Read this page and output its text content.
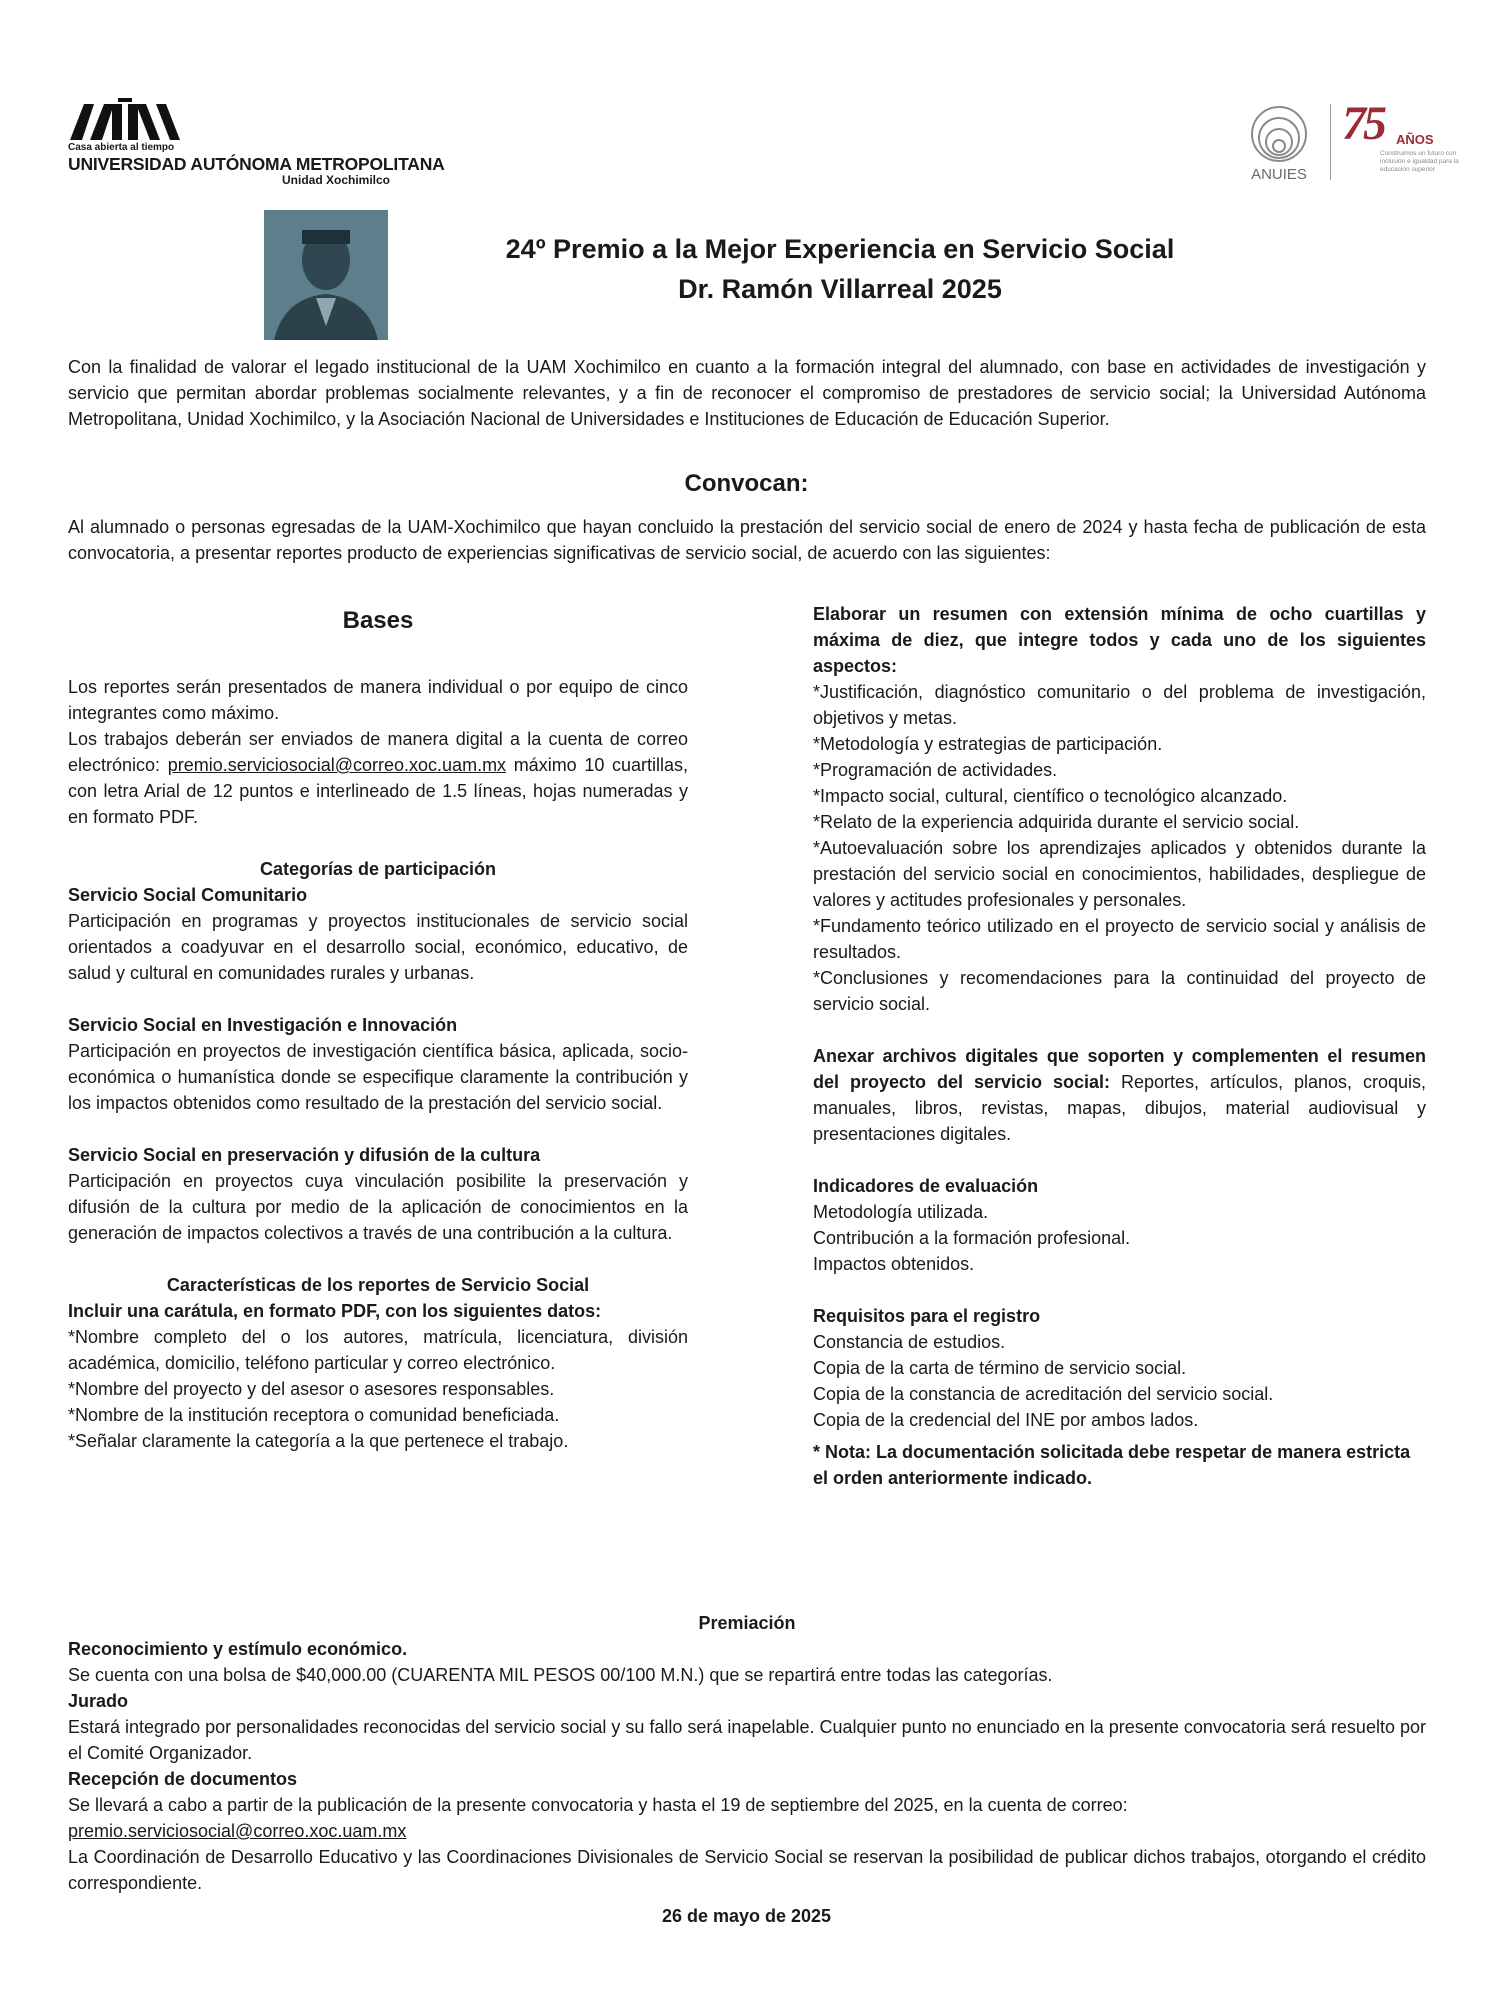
Casa abierta al tiempo
UNIVERSIDAD AUTÓNOMA METROPOLITANA
Unidad Xochimilco	ANUIES
75 AÑOS
Construimos un futuro con inclusión e igualdad para la educación superior
24º Premio a la Mejor Experiencia en Servicio Social
Dr. Ramón Villarreal 2025

Con la finalidad de valorar el legado institucional de la UAM Xochimilco en cuanto a la formación integral del alumnado, con base en actividades de investigación y servicio que permitan abordar problemas socialmente relevantes, y a fin de reconocer el compromiso de prestadores de servicio social; la Universidad Autónoma Metropolitana, Unidad Xochimilco, y la Asociación Nacional de Universidades e Instituciones de Educación de Educación Superior.

Convocan:

Al alumnado o personas egresadas de la UAM-Xochimilco que hayan concluido la prestación del servicio social de enero de 2024 y hasta fecha de publicación de esta convocatoria, a presentar reportes producto de experiencias significativas de servicio social, de acuerdo con las siguientes:

Bases

Los reportes serán presentados de manera individual o por equipo de cinco integrantes como máximo.

Los trabajos deberán ser enviados de manera digital a la cuenta de correo electrónico: premio.serviciosocial@correo.xoc.uam.mx máximo 10 cuartillas, con letra Arial de 12 puntos e interlineado de 1.5 líneas, hojas numeradas y en formato PDF.

Categorías de participación

Servicio Social Comunitario

Participación en programas y proyectos institucionales de servicio social orientados a coadyuvar en el desarrollo social, económico, educativo, de salud y cultural en comunidades rurales y urbanas.

Servicio Social en Investigación e Innovación

Participación en proyectos de investigación científica básica, aplicada, socio-económica o humanística donde se especifique claramente la contribución y los impactos obtenidos como resultado de la prestación del servicio social.

Servicio Social en preservación y difusión de la cultura

Participación en proyectos cuya vinculación posibilite la preservación y difusión de la cultura por medio de la aplicación de conocimientos en la generación de impactos colectivos a través de una contribución a la cultura.

Características de los reportes de Servicio Social

Incluir una carátula, en formato PDF, con los siguientes datos:

*Nombre completo del o los autores, matrícula, licenciatura, división académica, domicilio, teléfono particular y correo electrónico.

*Nombre del proyecto y del asesor o asesores responsables.

*Nombre de la institución receptora o comunidad beneficiada.

*Señalar claramente la categoría a la que pertenece el trabajo.

Elaborar un resumen con extensión mínima de ocho cuartillas y máxima de diez, que integre todos y cada uno de los siguientes aspectos:

*Justificación, diagnóstico comunitario o del problema de investigación, objetivos y metas.

*Metodología y estrategias de participación.

*Programación de actividades.

*Impacto social, cultural, científico o tecnológico alcanzado.

*Relato de la experiencia adquirida durante el servicio social.

*Autoevaluación sobre los aprendizajes aplicados y obtenidos durante la prestación del servicio social en conocimientos, habilidades, despliegue de valores y actitudes profesionales y personales.

*Fundamento teórico utilizado en el proyecto de servicio social y análisis de resultados.

*Conclusiones y recomendaciones para la continuidad del proyecto de servicio social.

Anexar archivos digitales que soporten y complementen el resumen del proyecto del servicio social: Reportes, artículos, planos, croquis, manuales, libros, revistas, mapas, dibujos, material audiovisual y presentaciones digitales.

Indicadores de evaluación

Metodología utilizada.

Contribución a la formación profesional.

Impactos obtenidos.

Requisitos para el registro

Constancia de estudios.

Copia de la carta de término de servicio social.

Copia de la constancia de acreditación del servicio social.

Copia de la credencial del INE por ambos lados.

* Nota: La documentación solicitada debe respetar de manera estricta el orden anteriormente indicado.

Premiación

Reconocimiento y estímulo económico.

Se cuenta con una bolsa de $40,000.00 (CUARENTA MIL PESOS 00/100 M.N.) que se repartirá entre todas las categorías.

Jurado

Estará integrado por personalidades reconocidas del servicio social y su fallo será inapelable. Cualquier punto no enunciado en la presente convocatoria será resuelto por el Comité Organizador.

Recepción de documentos

Se llevará a cabo a partir de la publicación de la presente convocatoria y hasta el 19 de septiembre del 2025, en la cuenta de correo:

premio.serviciosocial@correo.xoc.uam.mx

La Coordinación de Desarrollo Educativo y las Coordinaciones Divisionales de Servicio Social se reservan la posibilidad de publicar dichos trabajos, otorgando el crédito correspondiente.

26 de mayo de 2025
